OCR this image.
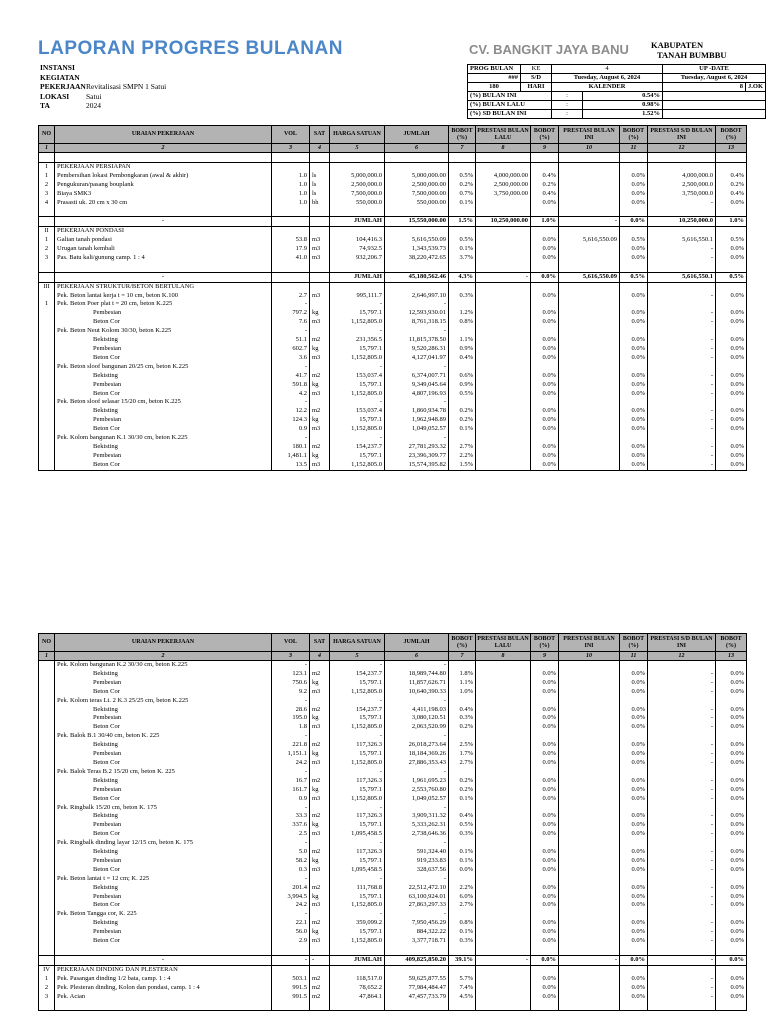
LAPORAN PROGRES BULANAN	CV. BANGKIT JAYA BANU	KABUPATEN
TANAH BUMBBU
INSTANSI
KEGIATAN
PEKERJAANRevitalisasi SMPN 1 Satui
LOKASI Satui
TA	2024
PROG BULAN	KE	4		UP -DATE	
###	S/D	Tuesday, August 6, 2024		Tuesday, August 6, 2024	
180	HARI	KALENDER		8	J.OK
(%) BULAN INI		:	0.54%		
(%) BULAN LALU		:	0.98%		
(%) SD BULAN INI		:	1.52%		
NO	URAIAN PEKERJAAN	VOL	SAT	HARGA SATUAN	JUMLAH	BOBOT (%)	PRESTASI BULAN LALU	BOBOT (%)	PRESTASI BULAN INI	BOBOT (%)	PRESTASI S/D BULAN INI	BOBOT (%)
1	2	3	4	5	6	7	8	9	10	11	12	13

I	PEKERJAAN PERSIAPAN											
1	Pembersihan lokasi Pembongkaran (awal & akhir)	1.0	ls	5,000,000.0	5,000,000.00	0.5%	4,000,000.00	0.4%		0.0%	4,000,000.0	0.4%
2	Pengukuran/pasang bouplank	1.0	ls	2,500,000.0	2,500,000.00	0.2%	2,500,000.00	0.2%		0.0%	2,500,000.0	0.2%
3	Biaya SMK3	1.0	ls	7,500,000.0	7,500,000.00	0.7%	3,750,000.00	0.4%		0.0%	3,750,000.0	0.4%
4	Prasasti uk. 20 cm x 30 cm	1.0	bh	550,000.0	550,000.00	0.1%		0.0%		0.0%	-	0.0%

	-			JUMLAH	15,550,000.00	1.5%	10,250,000.00	1.0%	-	0.0%	10,250,000.0	1.0%
II	PEKERJAAN PONDASI											
1	Galian tanah pondasi	53.8	m3	104,416.3	5,616,550.09	0.5%		0.0%	5,616,550.09	0.5%	5,616,550.1	0.5%
2	Urugan tanah kembali	17.9	m3	74,932.5	1,343,539.73	0.1%		0.0%		0.0%	-	0.0%
3	Pas. Batu kali/gunung camp. 1 : 4	41.0	m3	932,206.7	38,220,472.65	3.7%		0.0%		0.0%	-	0.0%

	-			JUMLAH	45,180,562.46	4.3%	-	0.0%	5,616,550.09	0.5%	5,616,550.1	0.5%
III	PEKERJAAN STRUKTUR/BETON BERTULANG											
	Pek. Beton lantai kerja t = 10 cm, beton K.100	2.7	m3	995,111.7	2,646,997.10	0.3%		0.0%		0.0%	-	0.0%
1	Pek. Beton Poer plat t = 20 cm, beton K.225	-		-	-							
	Pembesian	797.2	kg	15,797.1	12,593,930.01	1.2%		0.0%		0.0%	-	0.0%
	Beton Cor	7.6	m3	1,152,805.0	8,761,318.15	0.8%		0.0%		0.0%	-	0.0%
	Pek. Beton Neut Kolom 30/30, beton K.225	-		-	-							
	Bekisting	51.1	m2	231,356.5	11,815,378.50	1.1%		0.0%		0.0%	-	0.0%
	Pembesian	602.7	kg	15,797.1	9,520,286.31	0.9%		0.0%		0.0%	-	0.0%
	Beton Cor	3.6	m3	1,152,805.0	4,127,041.97	0.4%		0.0%		0.0%	-	0.0%
	Pek. Beton sloof bangunan 20/25 cm, beton K.225	-		-	-							
	Bekisting	41.7	m2	153,037.4	6,374,007.71	0.6%		0.0%		0.0%	-	0.0%
	Pembesian	591.8	kg	15,797.1	9,349,045.64	0.9%		0.0%		0.0%	-	0.0%
	Beton Cor	4.2	m3	1,152,805.0	4,807,196.93	0.5%		0.0%		0.0%	-	0.0%
	Pek. Beton sloof selasar 15/20 cm, beton K.225	-		-	-							
	Bekisting	12.2	m2	153,037.4	1,860,934.78	0.2%		0.0%		0.0%	-	0.0%
	Pembesian	124.3	kg	15,797.1	1,962,948.89	0.2%		0.0%		0.0%	-	0.0%
	Beton Cor	0.9	m3	1,152,805.0	1,049,052.57	0.1%		0.0%		0.0%	-	0.0%
	Pek. Kolom bangunan K.1 30/30 cm, beton K.225	-		-	-							
	Bekisting	180.1	m2	154,237.7	27,781,293.32	2.7%		0.0%		0.0%	-	0.0%
	Pembesian	1,481.1	kg	15,797.1	23,396,309.77	2.2%		0.0%		0.0%	-	0.0%
	Beton Cor	13.5	m3	1,152,805.0	15,574,395.82	1.5%		0.0%		0.0%	-	0.0%
NO	URAIAN PEKERJAAN	VOL	SAT	HARGA SATUAN	JUMLAH	BOBOT (%)	PRESTASI BULAN LALU	BOBOT (%)	PRESTASI BULAN INI	BOBOT (%)	PRESTASI S/D BULAN INI	BOBOT (%)
1	2	3	4	5	6	7	8	9	10	11	12	13
	Pek. Kolom bangunan K.2 30/30 cm, beton K.225	-		-	-							
	Bekisting	123.1	m2	154,237.7	18,989,744.80	1.8%		0.0%		0.0%	-	0.0%
	Pembesian	750.6	kg	15,797.1	11,857,626.71	1.1%		0.0%		0.0%	-	0.0%
	Beton Cor	9.2	m3	1,152,805.0	10,640,390.33	1.0%		0.0%		0.0%	-	0.0%
	Pek. Kolom teras Lt. 2 K.3 25/25 cm, beton K.225	-		-	-							
	Bekisting	28.6	m2	154,237.7	4,411,198.03	0.4%		0.0%		0.0%	-	0.0%
	Pembesian	195.0	kg	15,797.1	3,080,120.51	0.3%		0.0%		0.0%	-	0.0%
	Beton Cor	1.8	m3	1,152,805.0	2,063,520.99	0.2%		0.0%		0.0%	-	0.0%
	Pek. Balok B.1 30/40 cm, beton K. 225	-		-	-							
	Bekisting	221.8	m2	117,326.3	26,018,273.64	2.5%		0.0%		0.0%	-	0.0%
	Pembesian	1,151.1	kg	15,797.1	18,184,369.26	1.7%		0.0%		0.0%	-	0.0%
	Beton Cor	24.2	m3	1,152,805.0	27,886,353.43	2.7%		0.0%		0.0%	-	0.0%
	Pek. Balok Teras B.2 15/20 cm, beton K. 225	-		-	-							
	Bekisting	16.7	m2	117,326.3	1,961,695.23	0.2%		0.0%		0.0%	-	0.0%
	Pembesian	161.7	kg	15,797.1	2,553,760.80	0.2%		0.0%		0.0%	-	0.0%
	Beton Cor	0.9	m3	1,152,805.0	1,049,052.57	0.1%		0.0%		0.0%	-	0.0%
	Pek. Ringbalk 15/20 cm, beton K. 175	-		-	-							
	Bekisting	33.3	m2	117,326.3	3,909,311.32	0.4%		0.0%		0.0%	-	0.0%
	Pembesian	337.6	kg	15,797.1	5,333,262.31	0.5%		0.0%		0.0%	-	0.0%
	Beton Cor	2.5	m3	1,095,458.5	2,738,646.36	0.3%		0.0%		0.0%	-	0.0%
	Pek. Ringbalk dinding layar 12/15 cm, beton K. 175	-		-	-							
	Bekisting	5.0	m2	117,326.3	591,324.40	0.1%		0.0%		0.0%	-	0.0%
	Pembesian	58.2	kg	15,797.1	919,233.83	0.1%		0.0%		0.0%	-	0.0%
	Beton Cor	0.3	m3	1,095,458.5	328,637.56	0.0%		0.0%		0.0%	-	0.0%
	Pek. Beton lantai t = 12 cm; K. 225	-		-	-							
	Bekisting	201.4	m2	111,768.8	22,512,472.10	2.2%		0.0%		0.0%	-	0.0%
	Pembesian	3,994.5	kg	15,797.1	63,100,924.01	6.0%		0.0%		0.0%	-	0.0%
	Beton Cor	24.2	m3	1,152,805.0	27,863,297.33	2.7%		0.0%		0.0%	-	0.0%
	Pek. Beton Tangga cor, K. 225	-		-	-							
	Bekisting	22.1	m2	359,099.2	7,950,456.29	0.8%		0.0%		0.0%	-	0.0%
	Pembesian	56.0	kg	15,797.1	884,322.22	0.1%		0.0%		0.0%	-	0.0%
	Beton Cor	2.9	m3	1,152,805.0	3,377,718.71	0.3%		0.0%		0.0%	-	0.0%

	-	-	-	JUMLAH	409,825,850.20	39.1%	-	0.0%	-	0.0%	-	0.0%
IV	PEKERJAAN DINDING DAN PLESTERAN											
1	Pek. Pasangan dinding 1/2 bata, camp. 1 : 4	503.1	m2	118,517.0	59,625,877.55	5.7%		0.0%		0.0%	-	0.0%
2	Pek. Plesteran dinding, Kolon dan pondasi, camp. 1 : 4	991.5	m2	78,652.2	77,984,484.47	7.4%		0.0%		0.0%	-	0.0%
3	Pek. Acian	991.5	m2	47,864.1	47,457,733.79	4.5%		0.0%		0.0%	-	0.0%
